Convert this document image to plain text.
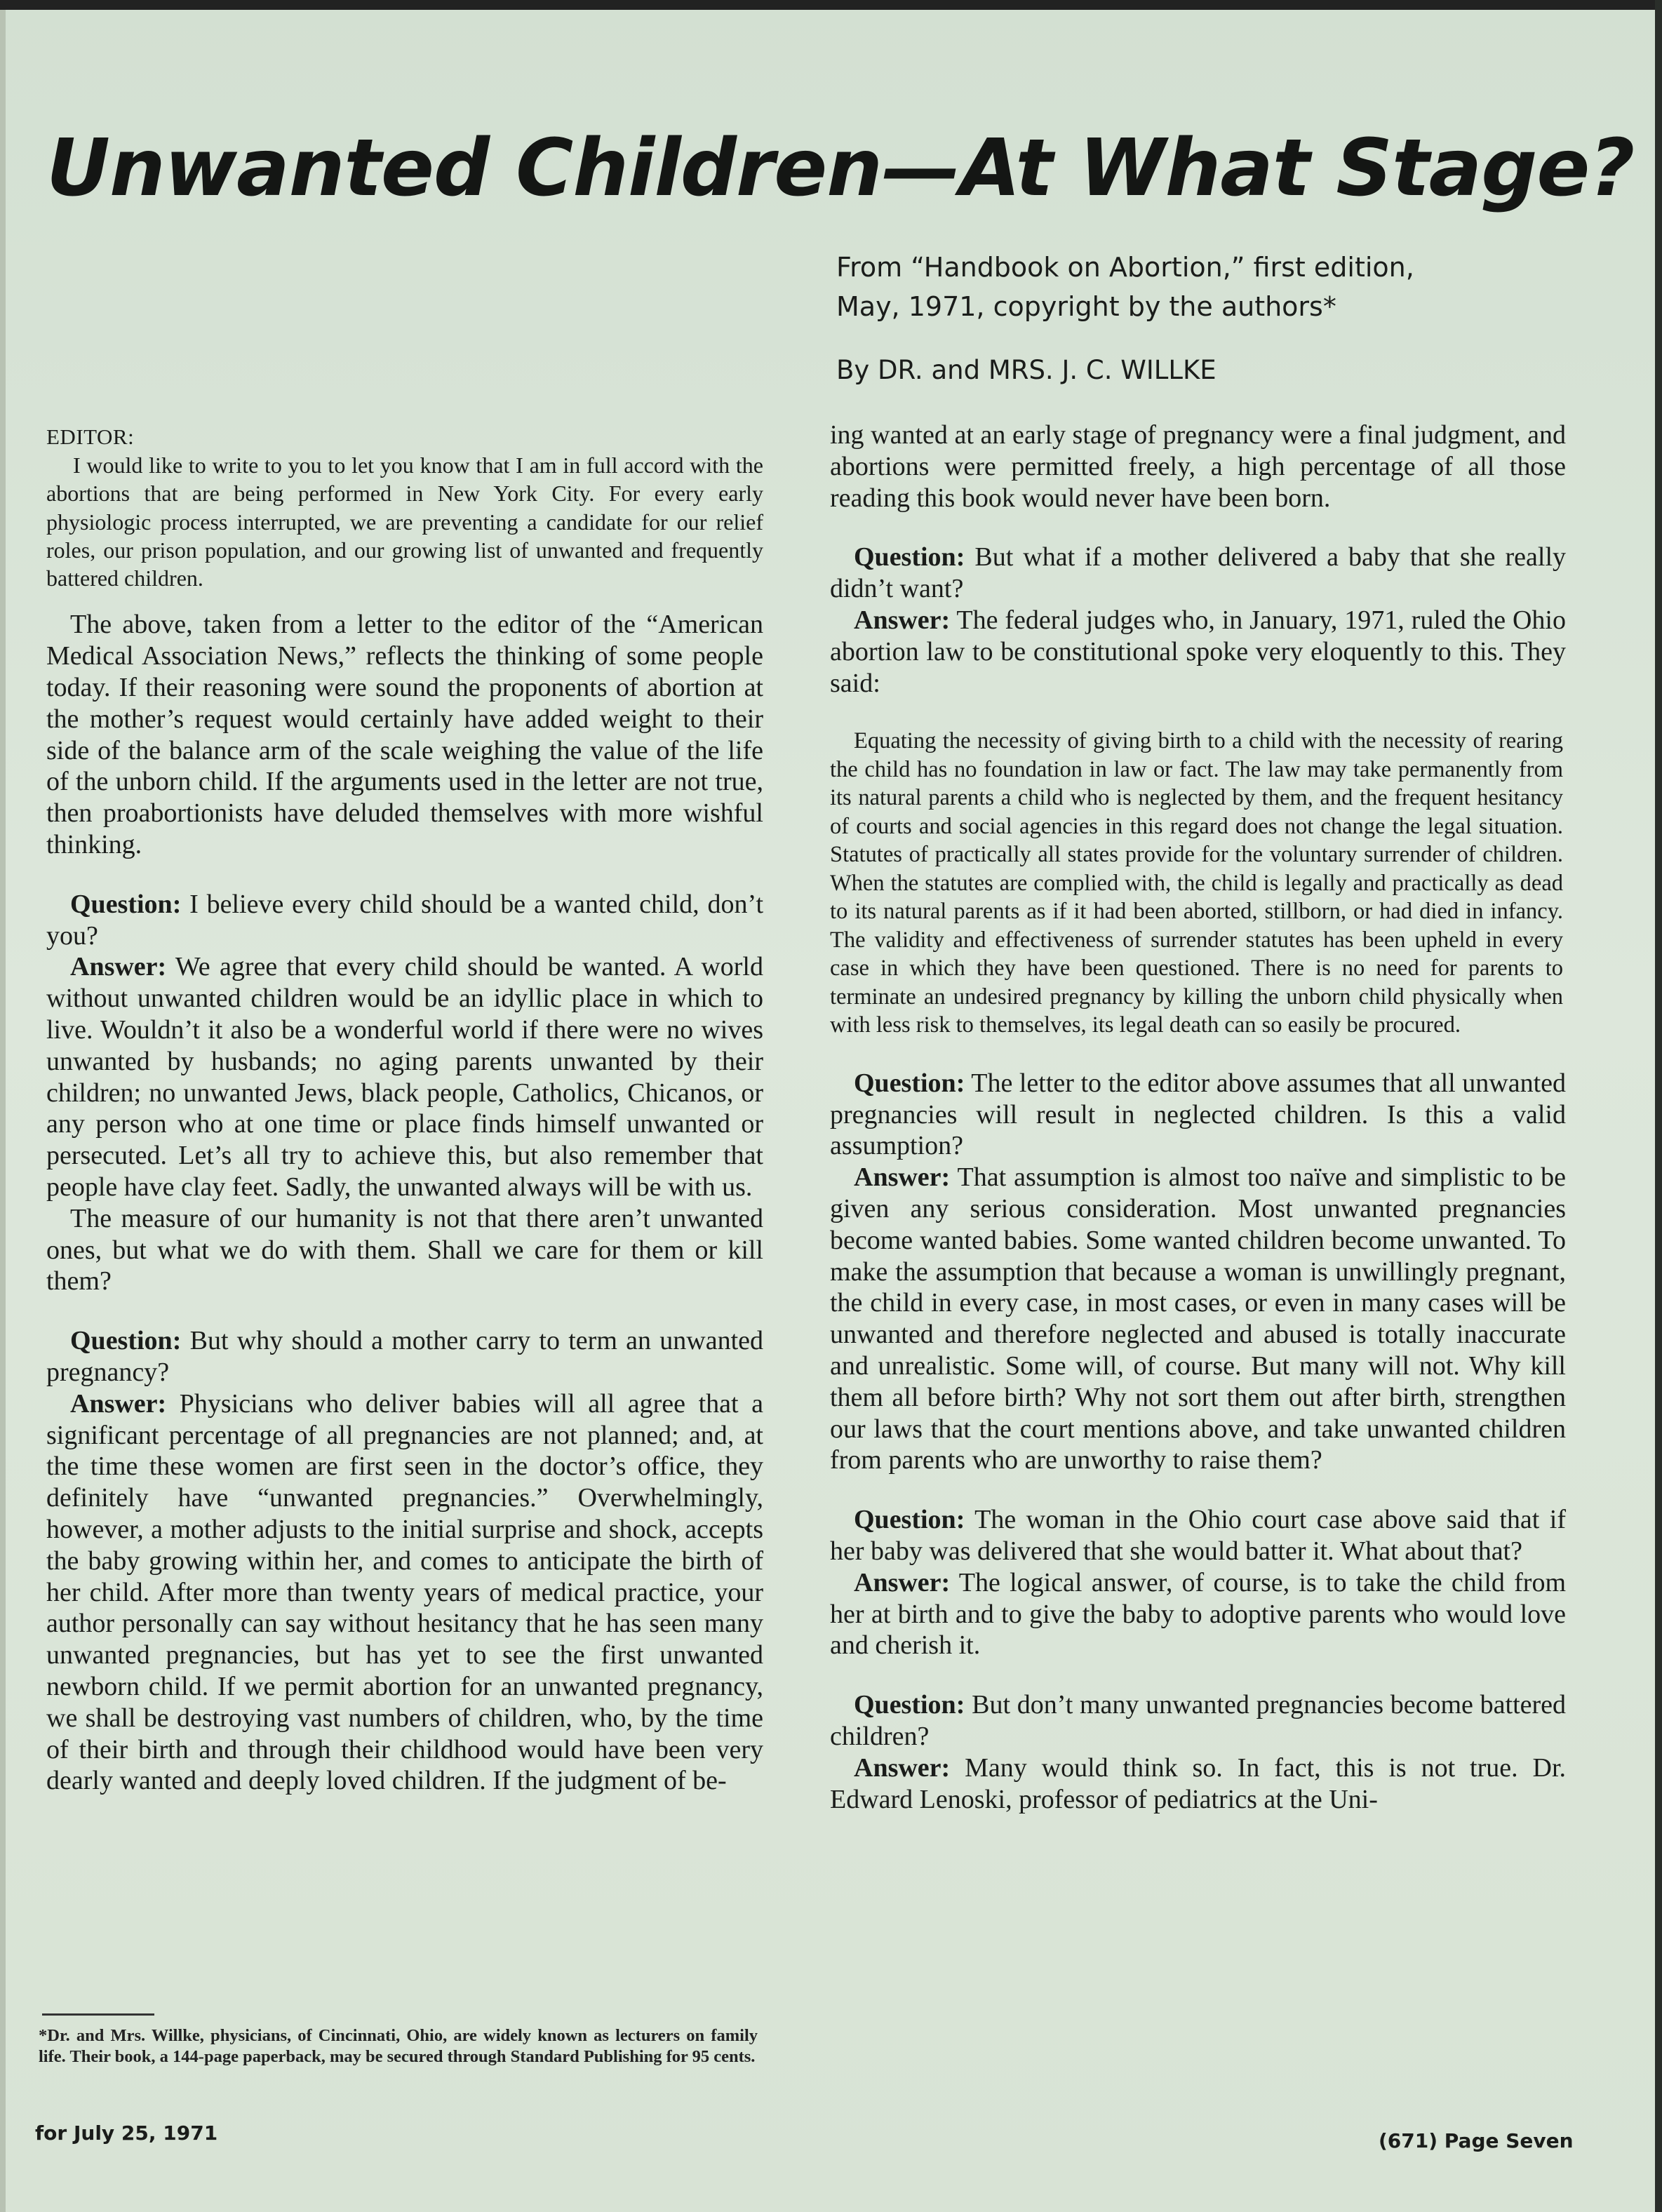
Unwanted Children—At What Stage?
From “Handbook on Abortion,” first edition,
May, 1971, copyright by the authors*
By DR. and MRS. J. C. WILLKE

EDITOR:

I would like to write to you to let you know that I am in full accord with the abortions that are being performed in New York City. For every early physiologic process interrupted, we are preventing a candidate for our relief roles, our prison population, and our growing list of unwanted and frequently battered children.

The above, taken from a letter to the editor of the “American Medical Association News,” reflects the thinking of some people today. If their reasoning were sound the proponents of abortion at the mother’s request would certainly have added weight to their side of the balance arm of the scale weighing the value of the life of the unborn child. If the arguments used in the letter are not true, then proabortionists have deluded themselves with more wishful thinking.

Question: I believe every child should be a wanted child, don’t you?

Answer: We agree that every child should be wanted. A world without unwanted children would be an idyllic place in which to live. Wouldn’t it also be a wonderful world if there were no wives unwanted by husbands; no aging parents unwanted by their children; no unwanted Jews, black people, Catholics, Chicanos, or any person who at one time or place finds himself unwanted or persecuted. Let’s all try to achieve this, but also remember that people have clay feet. Sadly, the unwanted always will be with us.

The measure of our humanity is not that there aren’t unwanted ones, but what we do with them. Shall we care for them or kill them?

Question: But why should a mother carry to term an unwanted pregnancy?

Answer: Physicians who deliver babies will all agree that a significant percentage of all pregnancies are not planned; and, at the time these women are first seen in the doctor’s office, they definitely have “unwanted pregnancies.” Overwhelmingly, however, a mother adjusts to the initial surprise and shock, accepts the baby growing within her, and comes to anticipate the birth of her child. After more than twenty years of medical practice, your author personally can say without hesitancy that he has seen many unwanted pregnancies, but has yet to see the first unwanted newborn child. If we permit abortion for an unwanted pregnancy, we shall be destroying vast numbers of children, who, by the time of their birth and through their childhood would have been very dearly wanted and deeply loved children. If the judgment of be-

ing wanted at an early stage of pregnancy were a final judgment, and abortions were permitted freely, a high percentage of all those reading this book would never have been born.

Question: But what if a mother delivered a baby that she really didn’t want?

Answer: The federal judges who, in January, 1971, ruled the Ohio abortion law to be constitutional spoke very eloquently to this. They said:

Equating the necessity of giving birth to a child with the necessity of rearing the child has no foundation in law or fact. The law may take permanently from its natural parents a child who is neglected by them, and the frequent hesitancy of courts and social agencies in this regard does not change the legal situation. Statutes of practically all states provide for the voluntary surrender of children. When the statutes are complied with, the child is legally and practically as dead to its natural parents as if it had been aborted, stillborn, or had died in infancy. The validity and effectiveness of surrender statutes has been upheld in every case in which they have been questioned. There is no need for parents to terminate an undesired pregnancy by killing the unborn child physically when with less risk to themselves, its legal death can so easily be procured.

Question: The letter to the editor above assumes that all unwanted pregnancies will result in neglected children. Is this a valid assumption?

Answer: That assumption is almost too naïve and simplistic to be given any serious consideration. Most unwanted pregnancies become wanted babies. Some wanted children become unwanted. To make the assumption that because a woman is unwillingly pregnant, the child in every case, in most cases, or even in many cases will be unwanted and therefore neglected and abused is totally inaccurate and unrealistic. Some will, of course. But many will not. Why kill them all before birth? Why not sort them out after birth, strengthen our laws that the court mentions above, and take unwanted children from parents who are unworthy to raise them?

Question: The woman in the Ohio court case above said that if her baby was delivered that she would batter it. What about that?

Answer: The logical answer, of course, is to take the child from her at birth and to give the baby to adoptive parents who would love and cherish it.

Question: But don’t many unwanted pregnancies become battered children?

Answer: Many would think so. In fact, this is not true. Dr. Edward Lenoski, professor of pediatrics at the Uni-

*Dr. and Mrs. Willke, physicians, of Cincinnati, Ohio, are widely known as lecturers on family life. Their book, a 144-page paperback, may be secured through Standard Publishing for 95 cents.

for July 25, 1971	(671) Page Seven
